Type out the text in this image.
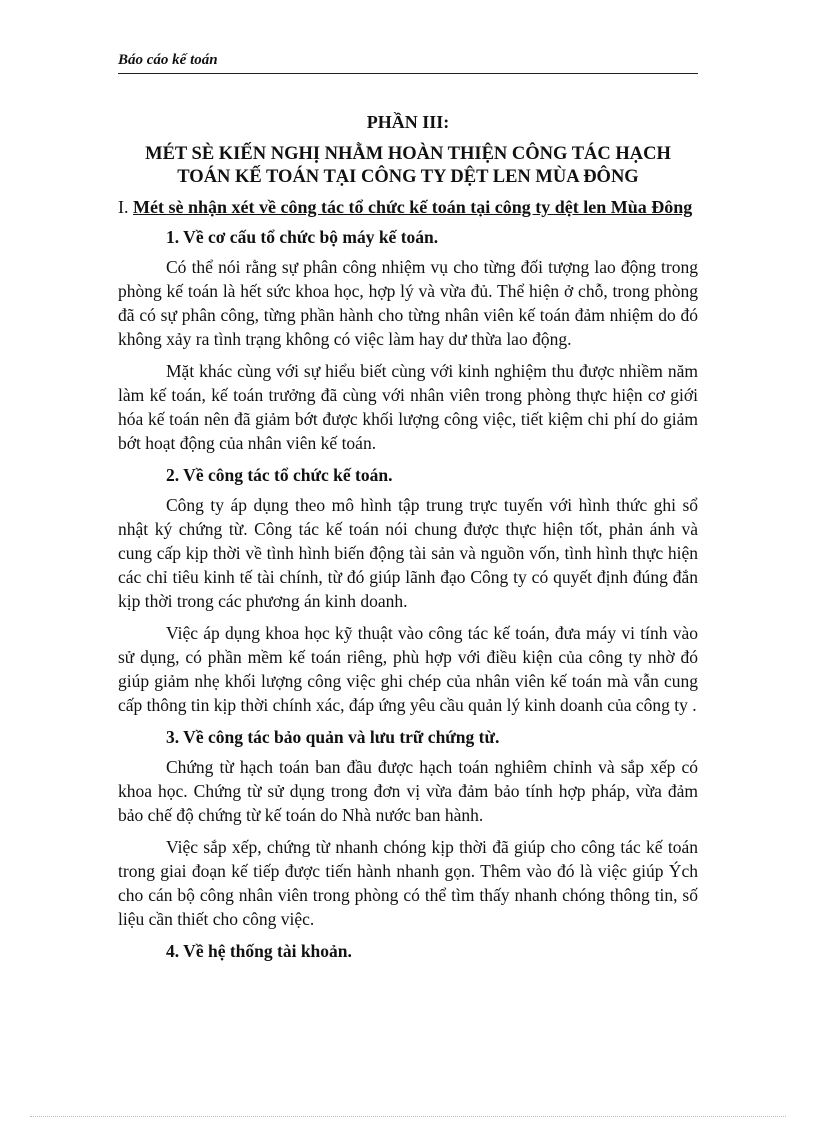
Báo cáo kế toán
PHẦN III:
MÉT SÈ KIẾN NGHỊ NHẰM HOÀN THIỆN CÔNG TÁC HẠCH
TOÁN KẾ TOÁN TẠI CÔNG TY DỆT LEN MÙA ĐÔNG
I. Mét sè nhận xét về công tác tổ chức kế toán tại công ty dệt len Mùa Đông
1. Về cơ cấu tổ chức bộ máy kế toán.

Có thể nói rằng sự phân công nhiệm vụ cho từng đối tượng lao động trong phòng kế toán là hết sức khoa học, hợp lý và vừa đủ. Thể hiện ở chỗ, trong phòng đã có sự phân công, từng phần hành cho từng nhân viên kế toán đảm nhiệm do đó không xảy ra tình trạng không có việc làm hay dư thừa lao động.

Mặt khác cùng với sự hiểu biết cùng với kinh nghiệm thu được nhiềm năm làm kế toán, kế toán trưởng đã cùng với nhân viên trong phòng thực hiện cơ giới hóa kế toán nên đã giảm bớt được khối lượng công việc, tiết kiệm chi phí do giảm bớt hoạt động của nhân viên kế toán.

2. Về công tác tổ chức kế toán.

Công ty áp dụng theo mô hình tập trung trực tuyến với hình thức ghi sổ nhật ký chứng từ. Công tác kế toán nói chung được thực hiện tốt, phản ánh và cung cấp kịp thời về tình hình biến động tài sản và nguồn vốn, tình hình thực hiện các chỉ tiêu kinh tế tài chính, từ đó giúp lãnh đạo Công ty có quyết định đúng đắn kịp thời trong các phương án kinh doanh.

Việc áp dụng khoa học kỹ thuật vào công tác kế toán, đưa máy vi tính vào sử dụng, có phần mềm kế toán riêng, phù hợp với điều kiện của công ty nhờ đó giúp giảm nhẹ khối lượng công việc ghi chép của nhân viên kế toán mà vẫn cung cấp thông tin kịp thời chính xác, đáp ứng yêu cầu quản lý kinh doanh của công ty .

3. Về công tác bảo quản và lưu trữ chứng từ.

Chứng từ hạch toán ban đầu được hạch toán nghiêm chỉnh và sắp xếp có khoa học. Chứng từ sử dụng trong đơn vị vừa đảm bảo tính hợp pháp, vừa đảm bảo chế độ chứng từ kế toán do Nhà nước ban hành.

Việc sắp xếp, chứng từ nhanh chóng kịp thời đã giúp cho công tác kế toán trong giai đoạn kế tiếp được tiến hành nhanh gọn. Thêm vào đó là việc giúp Ých cho cán bộ công nhân viên trong phòng có thể tìm thấy nhanh chóng thông tin, số liệu cần thiết cho công việc.

4. Về hệ thống tài khoản.
